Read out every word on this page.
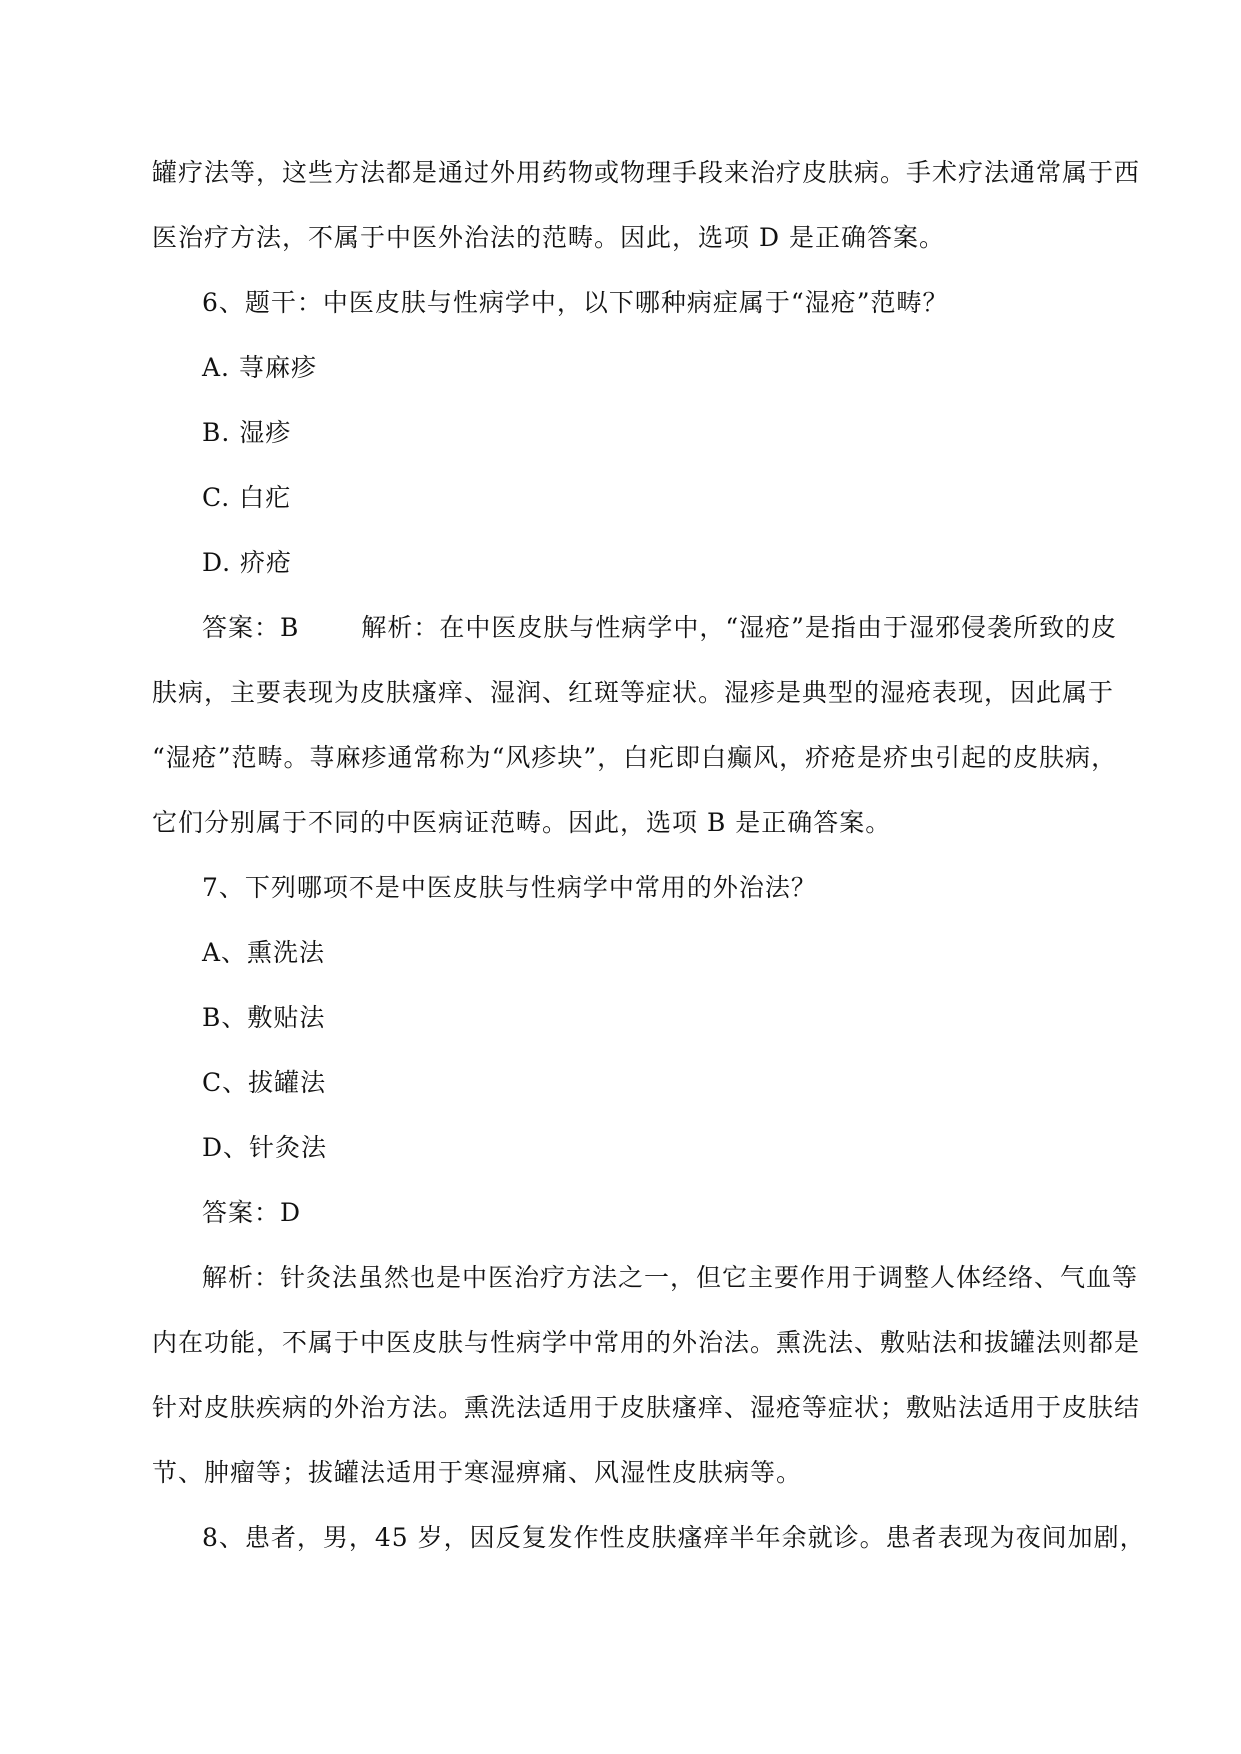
罐疗法等，这些方法都是通过外用药物或物理手段来治疗皮肤病。手术疗法通常属于西
医治疗方法，不属于中医外治法的范畴。因此，选项 D 是正确答案。
6、题干：中医皮肤与性病学中，以下哪种病症属于“湿疮”范畴？
A. 荨麻疹
B. 湿疹
C. 白疕
D. 疥疮
答案：B 解析：在中医皮肤与性病学中，“湿疮”是指由于湿邪侵袭所致的皮
肤病，主要表现为皮肤瘙痒、湿润、红斑等症状。湿疹是典型的湿疮表现，因此属于
“湿疮”范畴。荨麻疹通常称为“风疹块”，白疕即白癫风，疥疮是疥虫引起的皮肤病，
它们分别属于不同的中医病证范畴。因此，选项 B 是正确答案。
7、下列哪项不是中医皮肤与性病学中常用的外治法？
A、熏洗法
B、敷贴法
C、拔罐法
D、针灸法
答案：D
解析：针灸法虽然也是中医治疗方法之一，但它主要作用于调整人体经络、气血等
内在功能，不属于中医皮肤与性病学中常用的外治法。熏洗法、敷贴法和拔罐法则都是
针对皮肤疾病的外治方法。熏洗法适用于皮肤瘙痒、湿疮等症状；敷贴法适用于皮肤结
节、肿瘤等；拔罐法适用于寒湿痹痛、风湿性皮肤病等。
8、患者，男，45 岁，因反复发作性皮肤瘙痒半年余就诊。患者表现为夜间加剧，
